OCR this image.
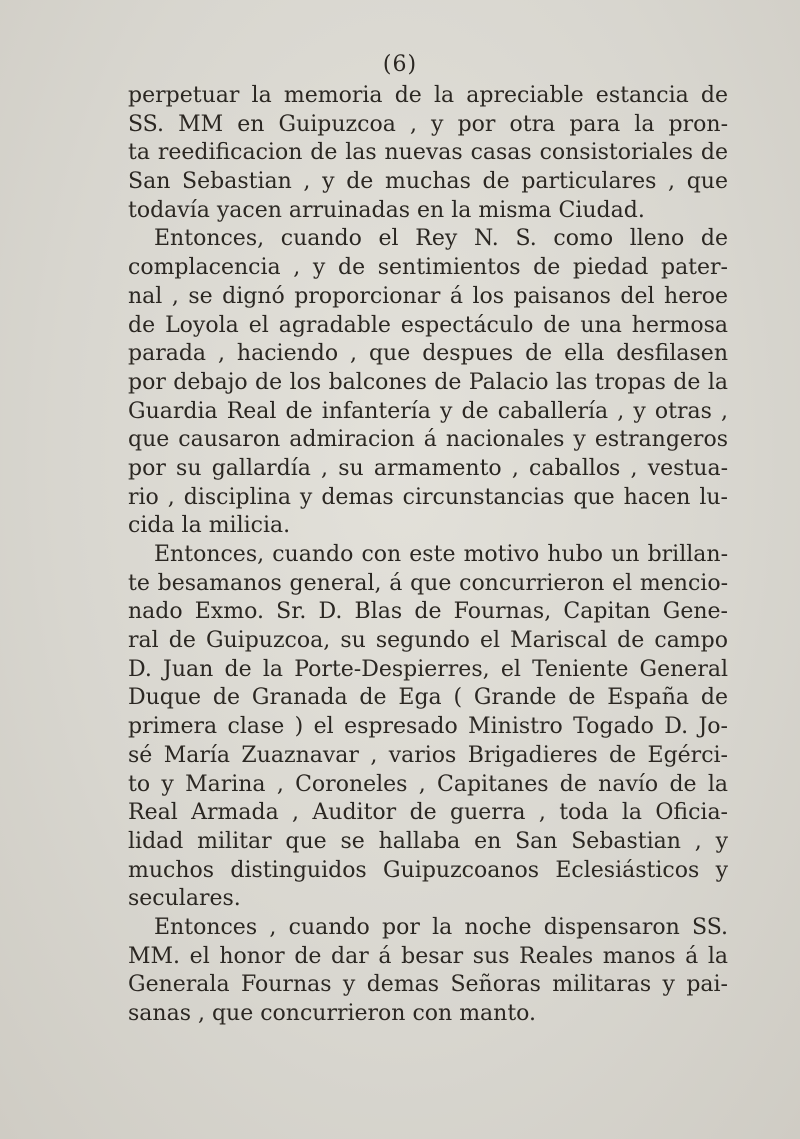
(6)
perpetuar la memoria de la apreciable estancia de
SS. MM en Guipuzcoa , y por otra para la pron-
ta reedificacion de las nuevas casas consistoriales de
San Sebastian , y de muchas de particulares , que
todavía yacen arruinadas en la misma Ciudad.
Entonces, cuando el Rey N. S. como lleno de
complacencia , y de sentimientos de piedad pater-
nal , se dignó proporcionar á los paisanos del heroe
de Loyola el agradable espectáculo de una hermosa
parada , haciendo , que despues de ella desfilasen
por debajo de los balcones de Palacio las tropas de la
Guardia Real de infantería y de caballería , y otras ,
que causaron admiracion á nacionales y estrangeros
por su gallardía , su armamento , caballos , vestua-
rio , disciplina y demas circunstancias que hacen lu-
cida la milicia.
Entonces, cuando con este motivo hubo un brillan-
te besamanos general, á que concurrieron el mencio-
nado Exmo. Sr. D. Blas de Fournas, Capitan Gene-
ral de Guipuzcoa, su segundo el Mariscal de campo
D. Juan de la Porte-Despierres, el Teniente General
Duque de Granada de Ega ( Grande de España de
primera clase ) el espresado Ministro Togado D. Jo-
sé María Zuaznavar , varios Brigadieres de Egérci-
to y Marina , Coroneles , Capitanes de navío de la
Real Armada , Auditor de guerra , toda la Oficia-
lidad militar que se hallaba en San Sebastian , y
muchos distinguidos Guipuzcoanos Eclesiásticos y
seculares.
Entonces , cuando por la noche dispensaron SS.
MM. el honor de dar á besar sus Reales manos á la
Generala Fournas y demas Señoras militaras y pai-
sanas , que concurrieron con manto.
